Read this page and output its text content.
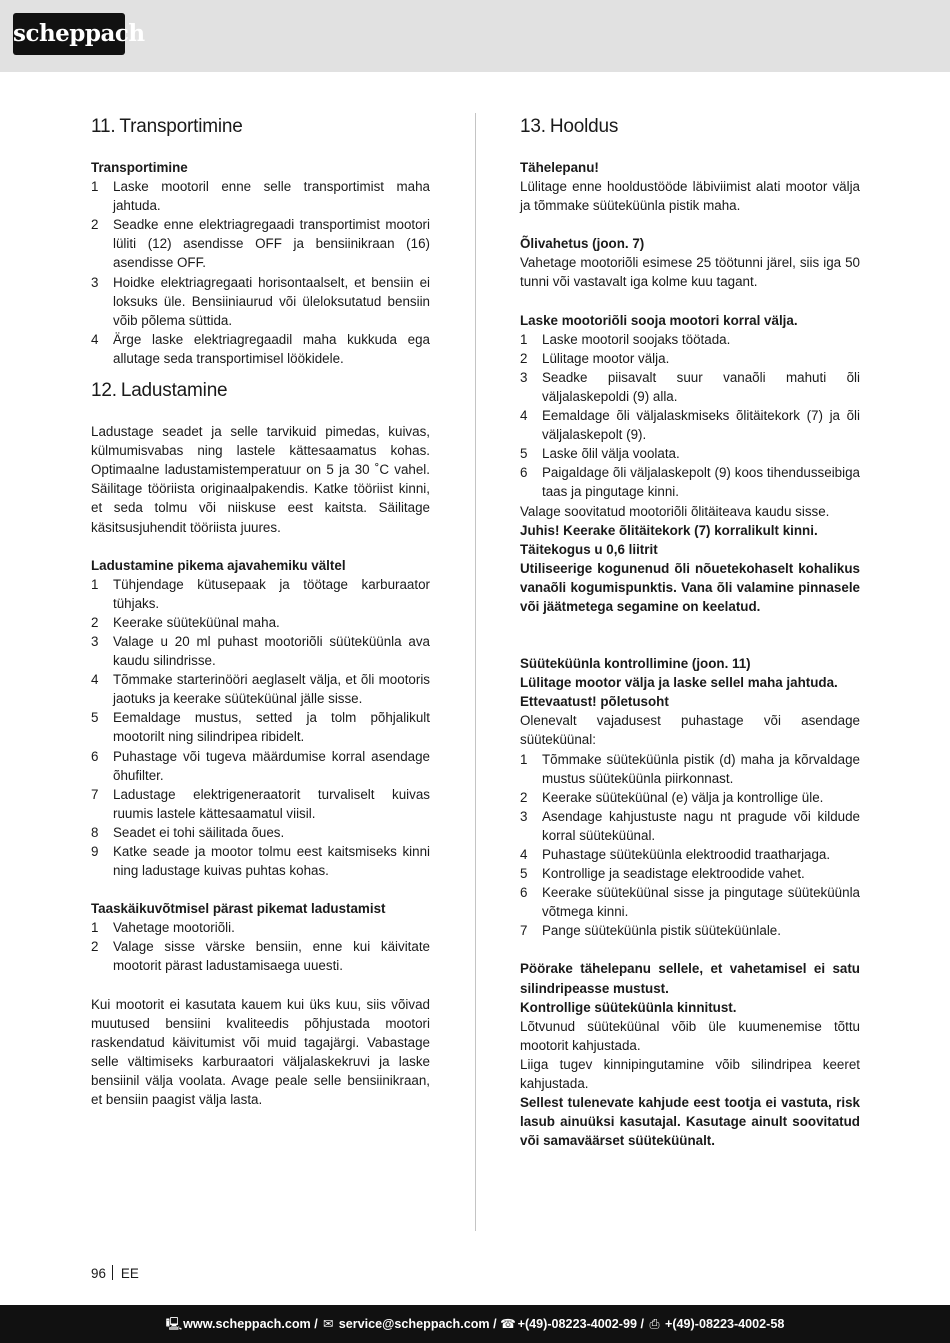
scheppach
11. Transportimine

Transportimine

1 Laske mootoril enne selle transportimist maha jahtuda.
2 Seadke enne elektriagregaadi transportimist mootori lüliti (12) asendisse OFF ja bensiinikraan (16) asendisse OFF.
3 Hoidke elektriagregaati horisontaalselt, et bensiin ei loksuks üle. Bensiiniaurud või üleloksutatud bensiin võib põlema süttida.
4 Ärge laske elektriagregaadil maha kukkuda ega allutage seda transportimisel löökidele.
12. Ladustamine

Ladustage seadet ja selle tarvikuid pimedas, kuivas, külmumisvabas ning lastele kättesaamatus kohas. Optimaalne ladustamistemperatuur on 5 ja 30 ˚C vahel. Säilitage tööriista originaalpakendis. Katke tööriist kinni, et seda tolmu või niiskuse eest kaitsta. Säilitage käsitsusjuhendit tööriista juures.

Ladustamine pikema ajavahemiku vältel

1 Tühjendage kütusepaak ja töötage karburaator tühjaks.
2 Keerake süüteküünal maha.
3 Valage u 20 ml puhast mootoriõli süüteküünla ava kaudu silindrisse.
4 Tõmmake starterinööri aeglaselt välja, et õli mootoris jaotuks ja keerake süüteküünal jälle sisse.
5 Eemaldage mustus, setted ja tolm põhjalikult mootorilt ning silindripea ribidelt.
6 Puhastage või tugeva määrdumise korral asendage õhufilter.
7 Ladustage elektrigeneraatorit turvaliselt kuivas ruumis lastele kättesaamatul viisil.
8 Seadet ei tohi säilitada õues.
9 Katke seade ja mootor tolmu eest kaitsmiseks kinni ning ladustage kuivas puhtas kohas.

Taaskäikuvõtmisel pärast pikemat ladustamist

1 Vahetage mootoriõli.
2 Valage sisse värske bensiin, enne kui käivitate mootorit pärast ladustamisaega uuesti.

Kui mootorit ei kasutata kauem kui üks kuu, siis võivad muutused bensiini kvaliteedis põhjustada mootori raskendatud käivitumist või muid tagajärgi. Vabastage selle vältimiseks karburaatori väljalaskekruvi ja laske bensiinil välja voolata. Avage peale selle bensiinikraan, et bensiin paagist välja lasta.

13. Hooldus

Tähelepanu!

Lülitage enne hooldustööde läbiviimist alati mootor välja ja tõmmake süüteküünla pistik maha.

Õlivahetus (joon. 7)

Vahetage mootoriõli esimese 25 töötunni järel, siis iga 50 tunni või vastavalt iga kolme kuu tagant.

Laske mootoriõli sooja mootori korral välja.

1 Laske mootoril soojaks töötada.
2 Lülitage mootor välja.
3 Seadke piisavalt suur vanaõli mahuti õli väljalaskepoldi (9) alla.
4 Eemaldage õli väljalaskmiseks õlitäitekork (7) ja õli väljalaskepolt (9).
5 Laske õlil välja voolata.
6 Paigaldage õli väljalaskepolt (9) koos tihendusseibiga taas ja pingutage kinni.

Valage soovitatud mootoriõli õlitäiteava kaudu sisse.

Juhis! Keerake õlitäitekork (7) korralikult kinni.

Täitekogus u 0,6 liitrit

Utiliseerige kogunenud õli nõuetekohaselt kohalikus vanaõli kogumispunktis. Vana õli valamine pinnasele või jäätmetega segamine on keelatud.

Süüteküünla kontrollimine (joon. 11)

Lülitage mootor välja ja laske sellel maha jahtuda.

Ettevaatust! põletusoht

Olenevalt vajadusest puhastage või asendage süüteküünal:

1 Tõmmake süüteküünla pistik (d) maha ja kõrvaldage mustus süüteküünla piirkonnast.
2 Keerake süüteküünal (e) välja ja kontrollige üle.
3 Asendage kahjustuste nagu nt pragude või kildude korral süüteküünal.
4 Puhastage süüteküünla elektroodid traatharjaga.
5 Kontrollige ja seadistage elektroodide vahet.
6 Keerake süüteküünal sisse ja pingutage süüteküünla võtmega kinni.
7 Pange süüteküünla pistik süüteküünlale.

Pöörake tähelepanu sellele, et vahetamisel ei satu silindripeasse mustust.

Kontrollige süüteküünla kinnitust.

Lõtvunud süüteküünal võib üle kuumenemise tõttu mootorit kahjustada.

Liiga tugev kinnipingutamine võib silindripea keeret kahjustada.

Sellest tulenevate kahjude eest tootja ei vastuta, risk lasub ainuüksi kasutajal. Kasutage ainult soovitatud või samaväärset süüteküünalt.

96 EE
🖳 www.scheppach.com / ✉ service@scheppach.com / ☎ +(49)-08223-4002-99 / ⎙ +(49)-08223-4002-58
